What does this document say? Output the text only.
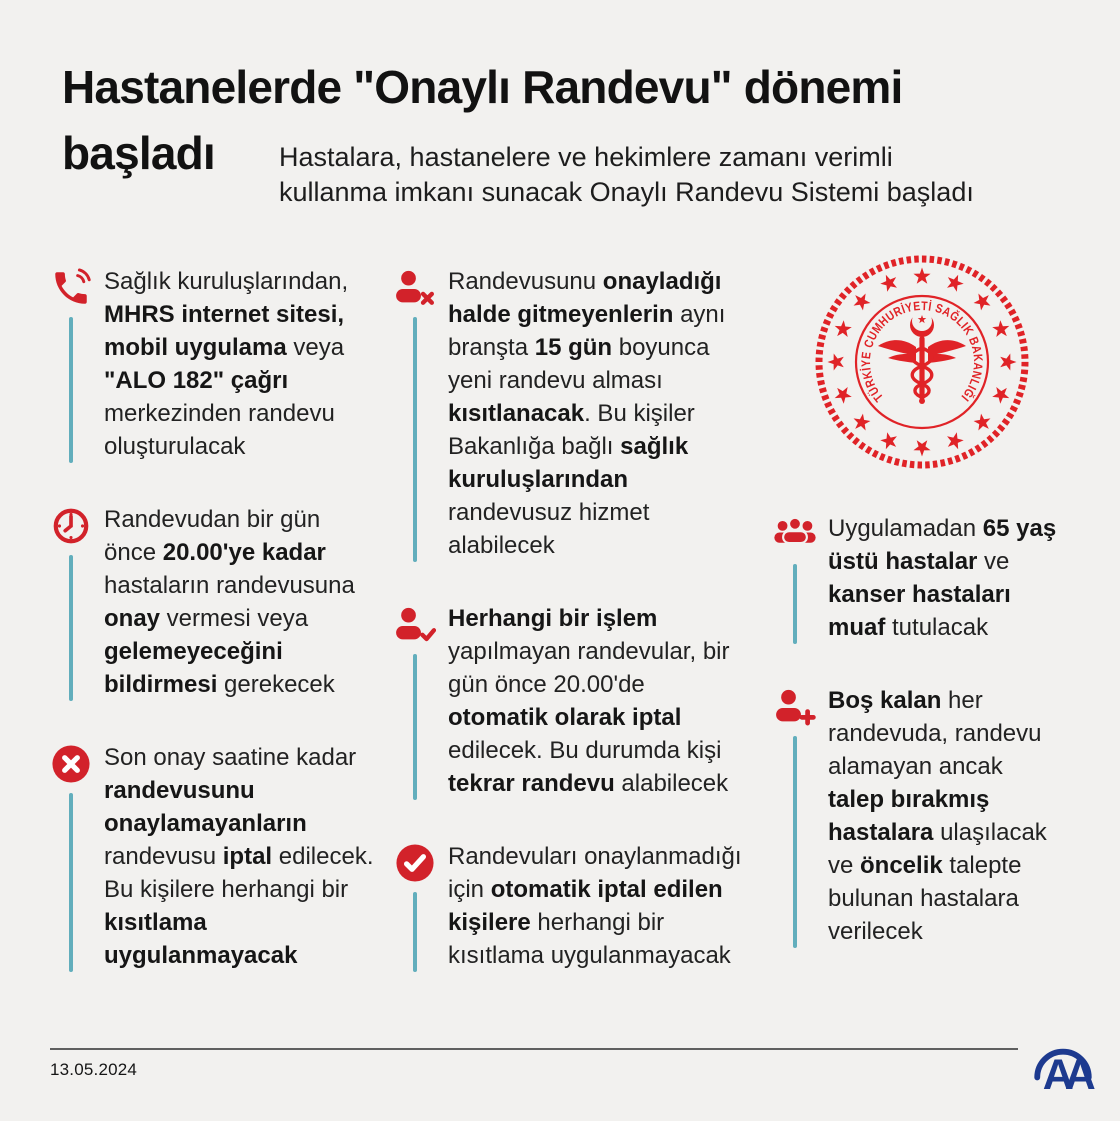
Hastanelerde "Onaylı Randevu" dönemi
başladı Hastalara, hastanelere ve hekimlere zamanı verimli
kullanma imkanı sunacak Onaylı Randevu Sistemi başladı

Sağlık kuruluşlarından, MHRS internet sitesi, mobil uygulama veya "ALO 182" çağrı merkezinden randevu oluşturulacak

Randevudan bir gün önce 20.00'ye kadar hastaların randevusuna onay vermesi veya gelemeyeceğini bildirmesi gerekecek

Son onay saatine kadar randevusunu onaylamayanların randevusu iptal edilecek. Bu kişilere herhangi bir kısıtlama uygulanmayacak

Randevusunu onayladığı halde gitmeyenlerin aynı branşta 15 gün boyunca yeni randevu alması kısıtlanacak. Bu kişiler Bakanlığa bağlı sağlık kuruluşlarından randevusuz hizmet alabilecek

Herhangi bir işlem yapılmayan randevular, bir gün önce 20.00'de otomatik olarak iptal edilecek. Bu durumda kişi tekrar randevu alabilecek

Randevuları onaylanmadığı için otomatik iptal edilen kişilere herhangi bir kısıtlama uygulanmayacak

Uygulamadan 65 yaş üstü hastalar ve kanser hastaları muaf tutulacak

Boş kalan her randevuda, randevu alamayan ancak talep bırakmış hastalara ulaşılacak ve öncelik talepte bulunan hastalara verilecek

TÜRKİYE CUMHURİYETİ SAĞLIK BAKANLIĞI
13.05.2024	AA
